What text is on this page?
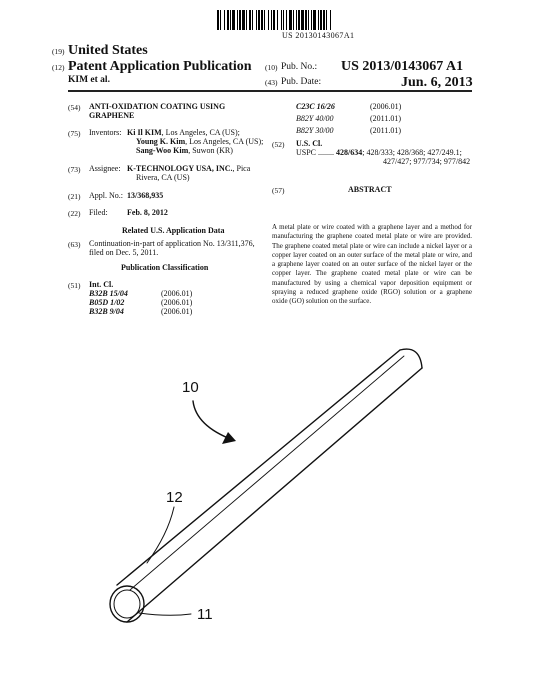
US 20130143067A1
(19) United States
(12) Patent Application Publication
KIM et al.
(10) Pub. No.: US 2013/0143067 A1
(43) Pub. Date:	Jun. 6, 2013
(54) ANTI-OXIDATION COATING USING
GRAPHENE
(75) Inventors: Ki Il KIM, Los Angeles, CA (US);
Young K. Kim, Los Angeles, CA (US);
Sang-Woo Kim, Suwon (KR)
(73) Assignee: K-TECHNOLOGY USA, INC., Pica
Rivera, CA (US)
(21) Appl. No.: 13/368,935
(22) Filed: Feb. 8, 2012
Related U.S. Application Data
(63) Continuation-in-part of application No. 13/311,376,
filed on Dec. 5, 2011.
Publication Classification
(51) Int. Cl.
B32B 15/04	(2006.01)
B05D 1/02	(2006.01)
B32B 9/04	(2006.01)
C23C 16/26	(2006.01)
B82Y 40/00	(2011.01)
B82Y 30/00	(2011.01)
(52) U.S. Cl.
USPC ........ 428/634; 428/333; 428/368; 427/249.1;
427/427; 977/734; 977/842
(57)	ABSTRACT
A metal plate or wire coated with a graphene layer and a method for manufacturing the graphene coated metal plate or wire are provided. The graphene coated metal plate or wire can include a nickel layer or a copper layer coated on an outer surface of the metal plate or wire, and a graphene layer coated on an outer surface of the nickel layer or the copper layer. The graphene coated metal plate or wire can be manufactured by using a chemical vapor deposition equipment or spraying a reduced graphene oxide (RGO) solution or a graphene oxide (GO) solution on the surface.
10
12
11
